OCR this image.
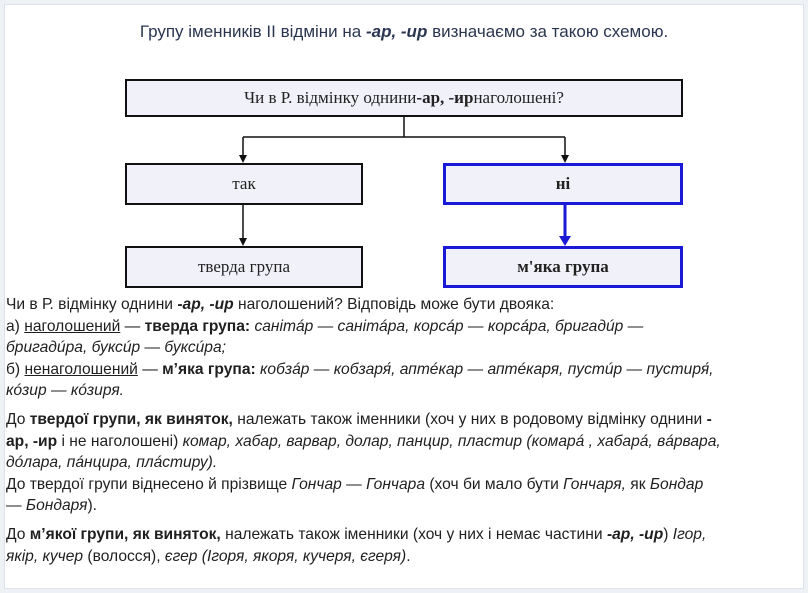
Групу іменників ІІ відміни на -ар, -ир визначаємо за такою схемою.
Чи в Р. відмінку однини -ар, -ир наголошені?
так	ні
тверда група	м'яка група
Чи в Р. відмінку однини -ар, -ир наголошений? Відповідь може бути двояка:
а) наголошений — тверда група: санітáр — санітáра, корсáр — корсáра, бригадúр —
бригадúра, буксúр — буксúра;
б) ненаголошений — м’яка група: кобзáр — кобзаря́, аптéкар — аптéкаря, пустúр — пустиря́,
кóзир — кóзиря.
До твердої групи, як виняток, належать також іменники (хоч у них в родовому відмінку однини -
ар, -ир і не наголошені) комар, хабар, варвар, долар, панцир, пластир (комарá , хабарá, вáрвара,
дóлара, пáнцира, плáстиру).
До твердої групи віднесено й прізвище Гончар — Гончара (хоч би мало бути Гончаря, як Бондар
— Бондаря).
До м’якої групи, як виняток, належать також іменники (хоч у них і немає частини -ар, -ир) Ігор,
якір, кучер (волосся), єгер (Ігоря, якоря, кучеря, єгеря).
